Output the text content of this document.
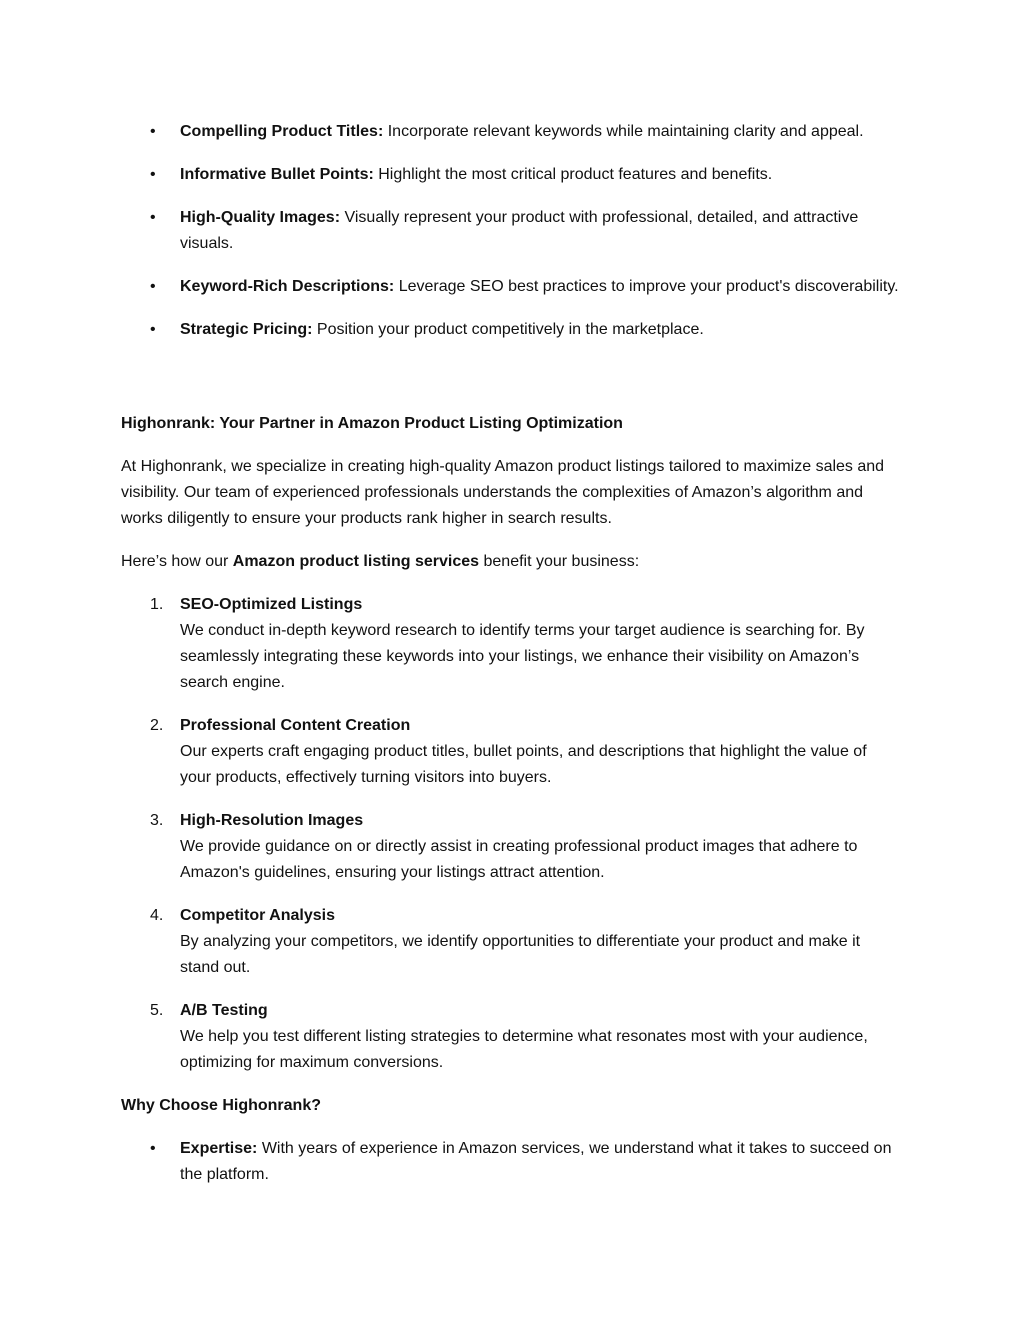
•	Compelling Product Titles: Incorporate relevant keywords while maintaining clarity and appeal.
•	Informative Bullet Points: Highlight the most critical product features and benefits.
•	High-Quality Images: Visually represent your product with professional, detailed, and attractive visuals.
•	Keyword-Rich Descriptions: Leverage SEO best practices to improve your product's discoverability.
•	Strategic Pricing: Position your product competitively in the marketplace.

Highonrank: Your Partner in Amazon Product Listing Optimization

At Highonrank, we specialize in creating high-quality Amazon product listings tailored to maximize sales and visibility. Our team of experienced professionals understands the complexities of Amazon’s algorithm and works diligently to ensure your products rank higher in search results.

Here’s how our Amazon product listing services benefit your business:

1.	SEO-Optimized Listings
We conduct in-depth keyword research to identify terms your target audience is searching for. By seamlessly integrating these keywords into your listings, we enhance their visibility on Amazon’s search engine.
2.	Professional Content Creation
Our experts craft engaging product titles, bullet points, and descriptions that highlight the value of your products, effectively turning visitors into buyers.
3.	High-Resolution Images
We provide guidance on or directly assist in creating professional product images that adhere to Amazon's guidelines, ensuring your listings attract attention.
4.	Competitor Analysis
By analyzing your competitors, we identify opportunities to differentiate your product and make it stand out.
5.	A/B Testing
We help you test different listing strategies to determine what resonates most with your audience, optimizing for maximum conversions.

Why Choose Highonrank?

•	Expertise: With years of experience in Amazon services, we understand what it takes to succeed on the platform.
